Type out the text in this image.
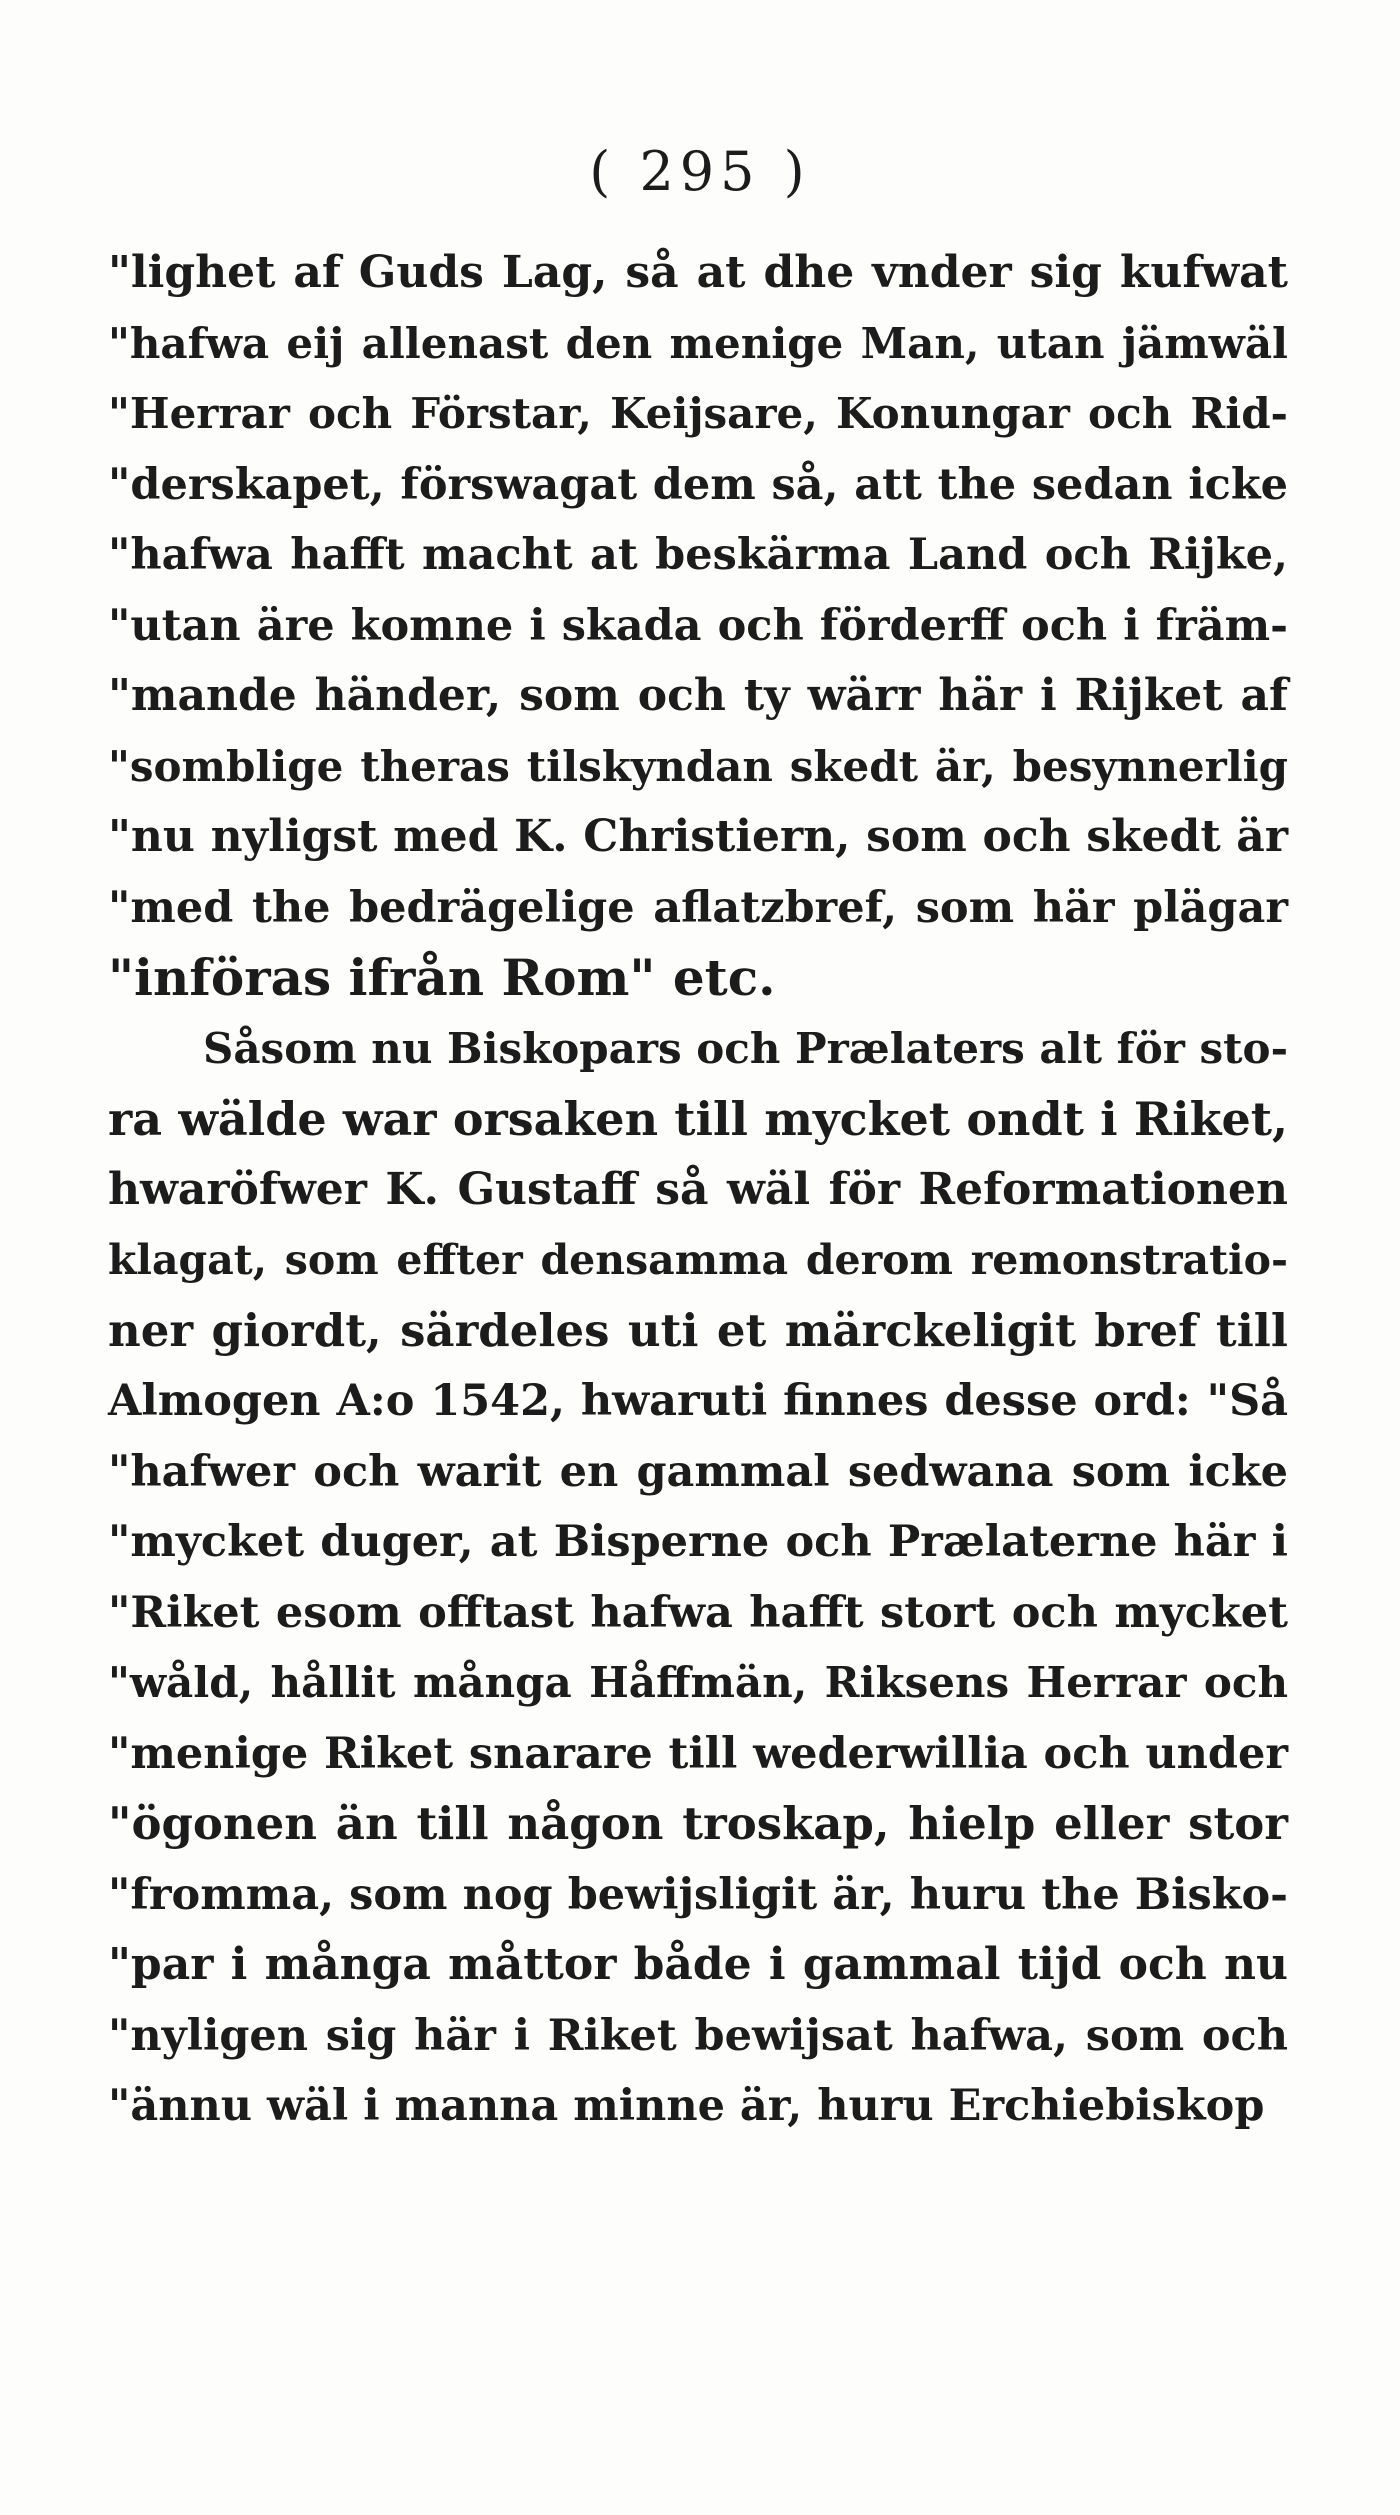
( 295 )
"lighet af Guds Lag, så at dhe vnder sig kufwat
"hafwa eij allenast den menige Man, utan jämwäl
"Herrar och Förstar, Keijsare, Konungar och Rid-
"derskapet, förswagat dem så, att the sedan icke
"hafwa hafft macht at beskärma Land och Rijke,
"utan äre komne i skada och förderff och i främ-
"mande händer, som och ty wärr här i Rijket af
"somblige theras tilskyndan skedt är, besynnerlig
"nu nyligst med K. Christiern, som och skedt är
"med the bedrägelige aflatzbref, som här plägar
"införas ifrån Rom" etc.
Såsom nu Biskopars och Prælaters alt för sto-
ra wälde war orsaken till mycket ondt i Riket,
hwaröfwer K. Gustaff så wäl för Reformationen
klagat, som effter densamma derom remonstratio-
ner giordt, särdeles uti et märckeligit bref till
Almogen A:o 1542, hwaruti finnes desse ord: "Så
"hafwer och warit en gammal sedwana som icke
"mycket duger, at Bisperne och Prælaterne här i
"Riket esom offtast hafwa hafft stort och mycket
"wåld, hållit många Håffmän, Riksens Herrar och
"menige Riket snarare till wederwillia och under
"ögonen än till någon troskap, hielp eller stor
"fromma, som nog bewijsligit är, huru the Bisko-
"par i många måttor både i gammal tijd och nu
"nyligen sig här i Riket bewijsat hafwa, som och
"ännu wäl i manna minne är, huru Erchiebiskop
